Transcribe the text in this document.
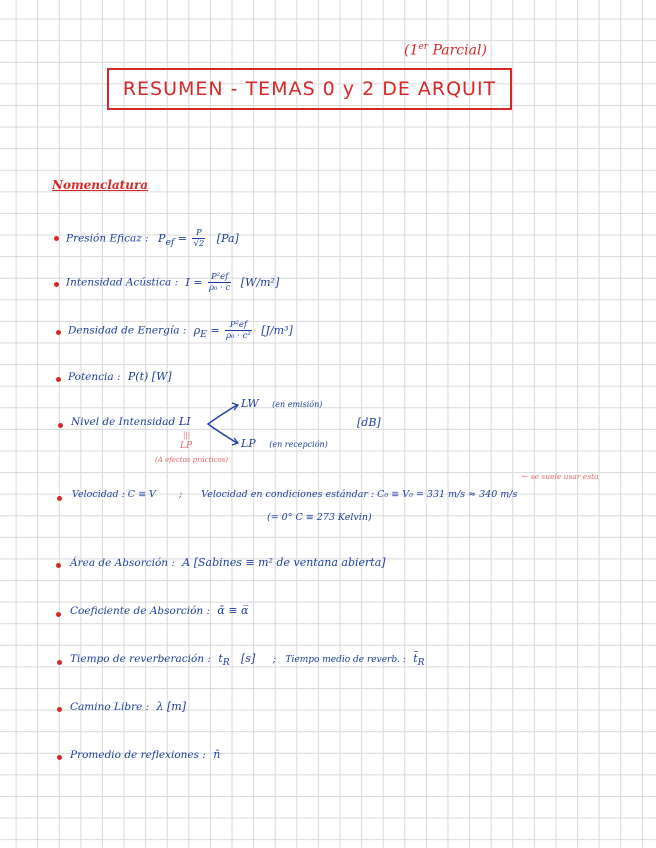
(1er Parcial)
RESUMEN - TEMAS 0 y 2 DE ARQUIT
Nomenclatura
Presión Eficaz : $P_{ef} = \frac{P}{√2} [Pa]$
Intensidad Acústica : $I = \frac{\text{P²ef}}{\text{ρ₀ · c}} [W/m^2]$
Densidad de Energía : $\rho_E = \frac{\text{P²ef}}{\text{ρ₀ · c²}} [J/m^3]$
Potencia : P(t) [W]
Nivel de Intensidad :
LI
LW (en emisión)
LP (en recepción)
[dB]
|||
LP
(A efectos prácticos)
← se suele usar esta
Velocidad : C ≡ V ; Velocidad en condiciones estándar : C₀ ≡ V₀ = 331 m/s ≈ 340 m/s
(= 0° C ≡ 273 Kelvin)
Área de Absorción : A [Sabines ≡ m² de ventana abierta]
Coeficiente de Absorción : ᾱ ≡ α̅
Tiempo de reverberación : $t_R$ [s] ; Tiempo medio de reverb. : $t̄_R$
Camino Libre : λ [m]
Promedio de reflexiones : n̄
